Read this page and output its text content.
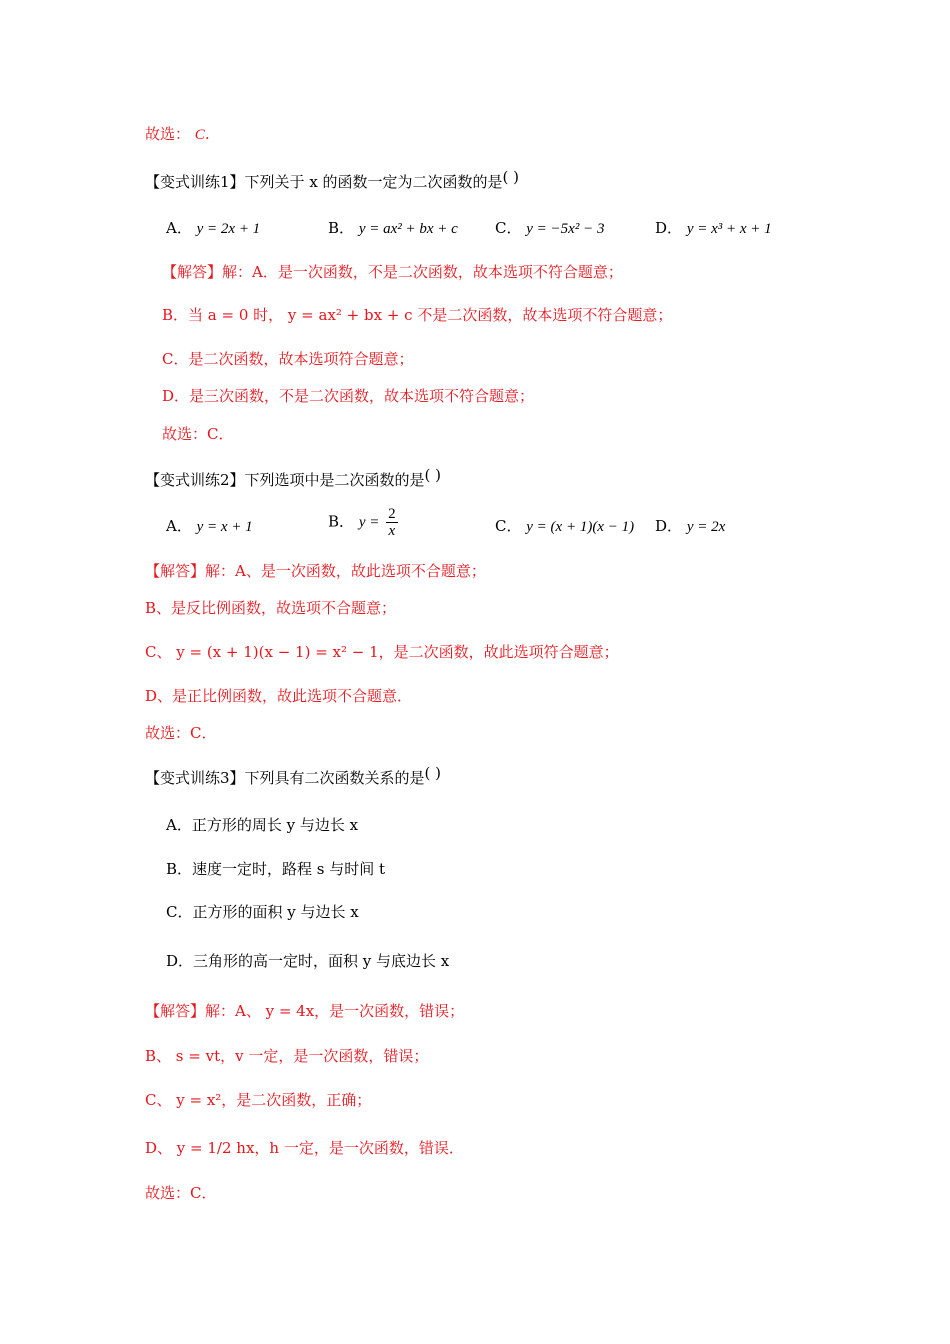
故选： C.
【变式训练1】下列关于 x 的函数一定为二次函数的是( )
A． y = 2x + 1	B． y = ax² + bx + c C． y = −5x² − 3	D． y = x³ + x + 1
【解答】解：A．是一次函数，不是二次函数，故本选项不符合题意；
B．当 a = 0 时， y = ax² + bx + c 不是二次函数，故本选项不符合题意；
C．是二次函数，故本选项符合题意；
D．是三次函数，不是二次函数，故本选项不符合题意；
故选：C．
【变式训练2】下列选项中是二次函数的是( )
A． y = x + 1	B． $y = \frac{2}{x}$	C． y = (x + 1)(x − 1) D． y = 2x
【解答】解：A、是一次函数，故此选项不合题意；
B、是反比例函数，故选项不合题意；
C、 y = (x + 1)(x − 1) = x² − 1，是二次函数，故此选项符合题意；
D、是正比例函数，故此选项不合题意．
故选：C．
【变式训练3】下列具有二次函数关系的是( )
A．正方形的周长 y 与边长 x
B．速度一定时，路程 s 与时间 t
C．正方形的面积 y 与边长 x
D．三角形的高一定时，面积 y 与底边长 x
【解答】解：A、 y = 4x，是一次函数，错误；
B、 s = vt，v 一定，是一次函数，错误；
C、 y = x²，是二次函数，正确；
D、 y = 1/2 hx，h 一定，是一次函数，错误．
故选：C．
